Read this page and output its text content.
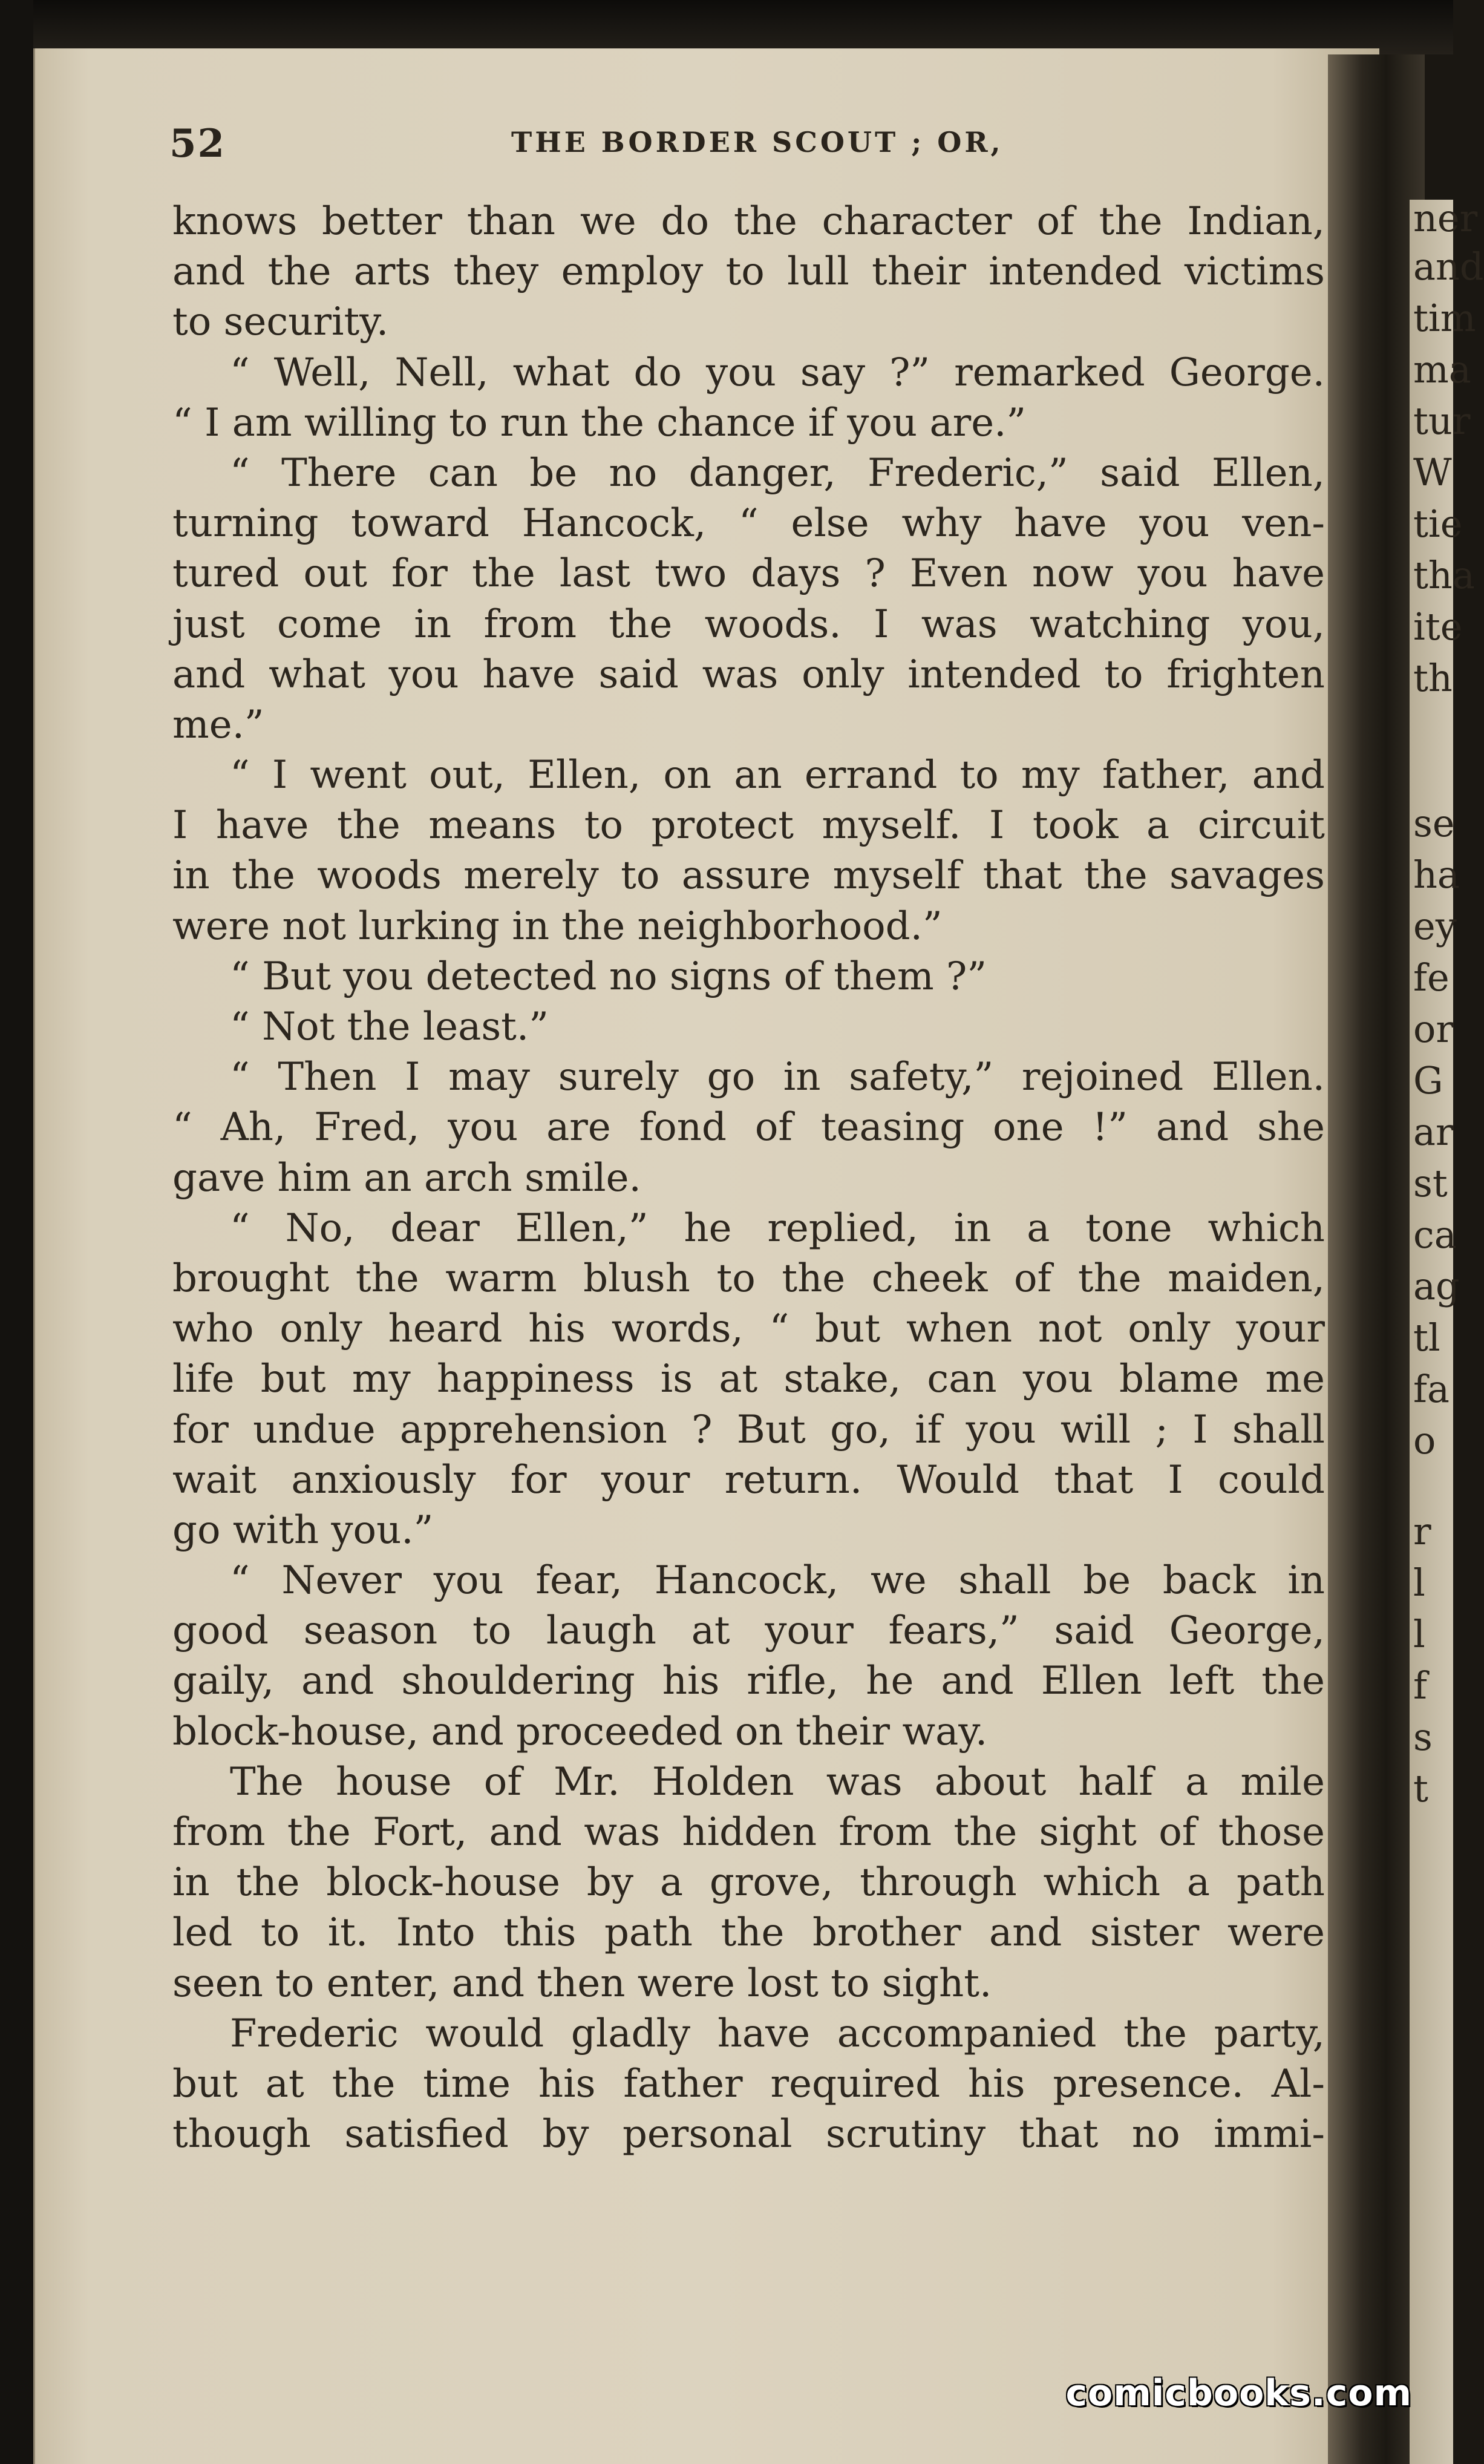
ner
and
tim
ma
tur
W
tie
tha
ite
th
se
ha
ey
fe
or
G
ar
st
ca
ag
tl
fa
o
r
l
l
f
s
t
52	THE BORDER SCOUT ; OR,
knows better than we do the character of the Indian,
and the arts they employ to lull their intended victims
to security.
“ Well, Nell, what do you say ?” remarked George.
“ I am willing to run the chance if you are.”
“ There can be no danger, Frederic,” said Ellen,
turning toward Hancock, “ else why have you ven-
tured out for the last two days ? Even now you have
just come in from the woods. I was watching you,
and what you have said was only intended to frighten
me.”
“ I went out, Ellen, on an errand to my father, and
I have the means to protect myself. I took a circuit
in the woods merely to assure myself that the savages
were not lurking in the neighborhood.”
“ But you detected no signs of them ?”
“ Not the least.”
“ Then I may surely go in safety,” rejoined Ellen.
“ Ah, Fred, you are fond of teasing one !” and she
gave him an arch smile.
“ No, dear Ellen,” he replied, in a tone which
brought the warm blush to the cheek of the maiden,
who only heard his words, “ but when not only your
life but my happiness is at stake, can you blame me
for undue apprehension ? But go, if you will ; I shall
wait anxiously for your return. Would that I could
go with you.”
“ Never you fear, Hancock, we shall be back in
good season to laugh at your fears,” said George,
gaily, and shouldering his rifle, he and Ellen left the
block-house, and proceeded on their way.
The house of Mr. Holden was about half a mile
from the Fort, and was hidden from the sight of those
in the block-house by a grove, through which a path
led to it. Into this path the brother and sister were
seen to enter, and then were lost to sight.
Frederic would gladly have accompanied the party,
but at the time his father required his presence. Al-
though satisfied by personal scrutiny that no immi-
comicbooks.com
